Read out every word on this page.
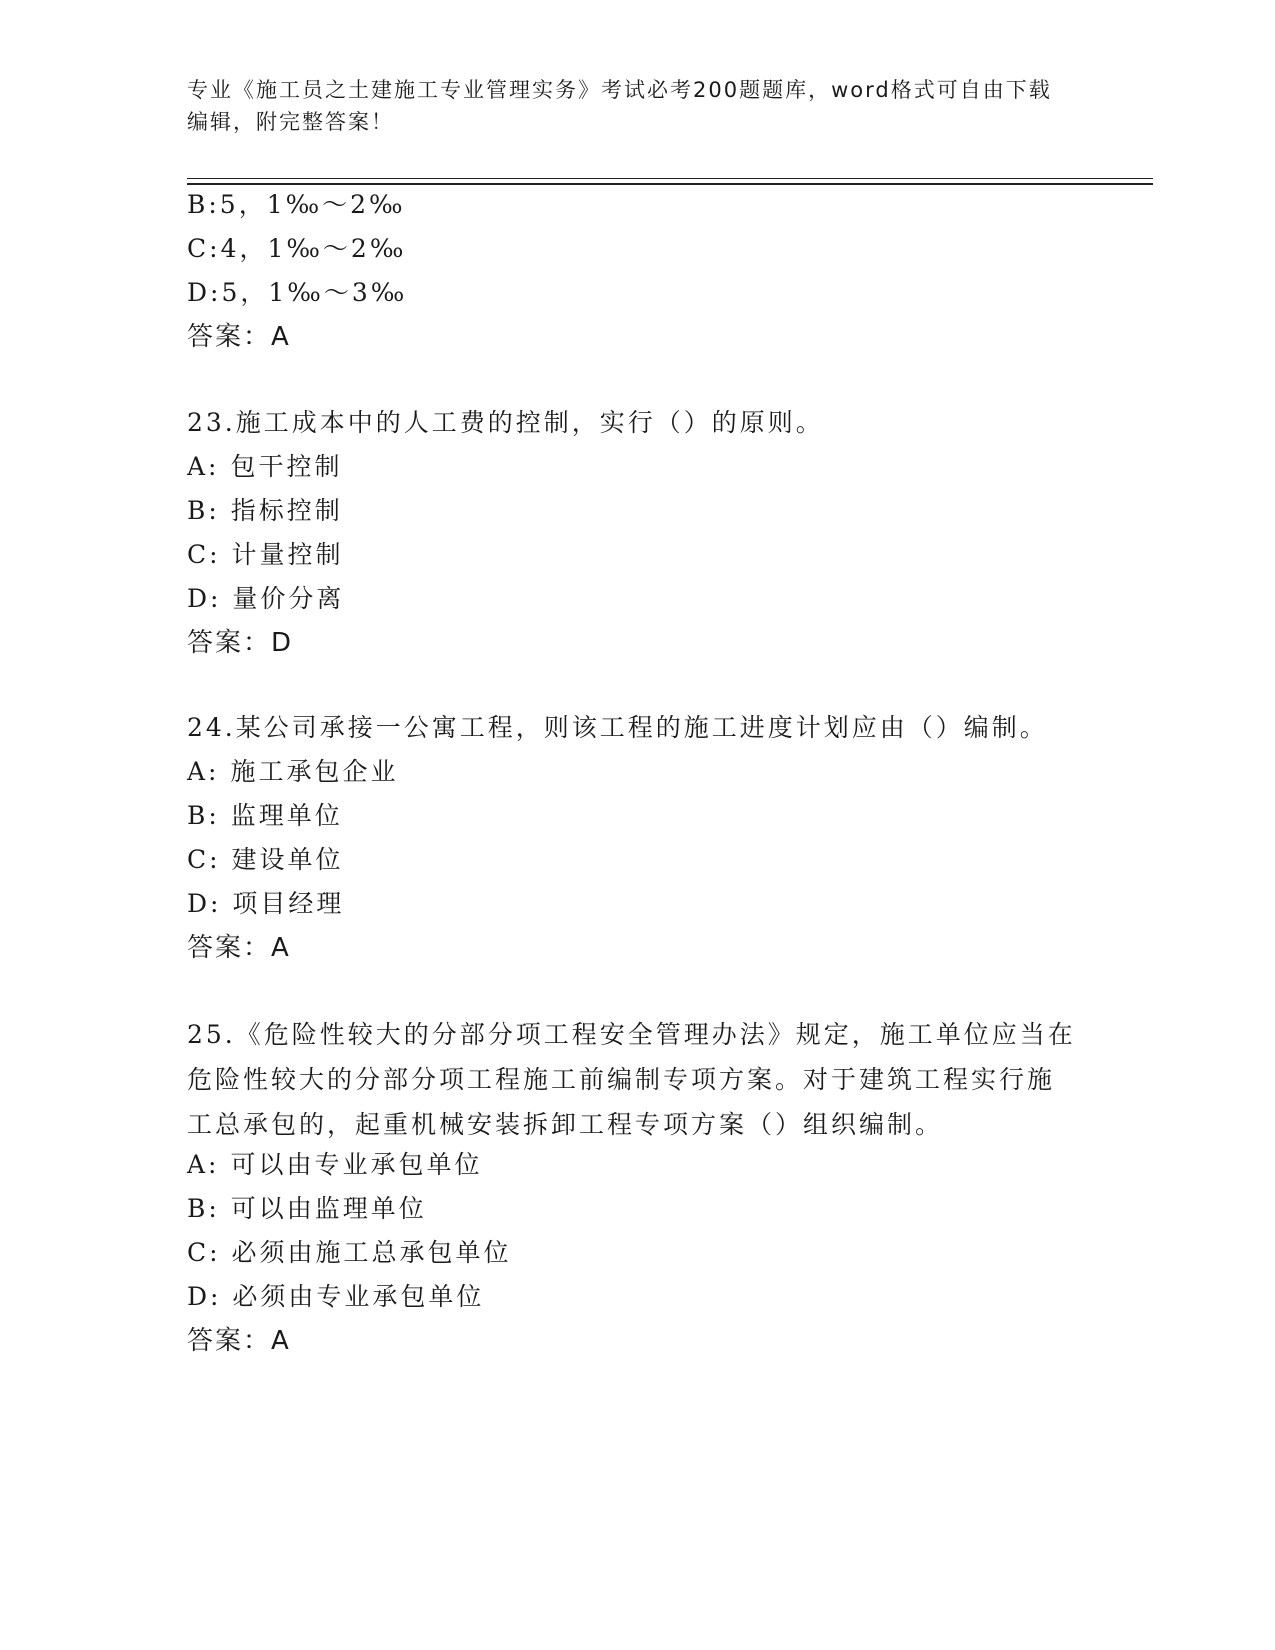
专业《施工员之土建施工专业管理实务》考试必考200题题库，word格式可自由下载编辑，附完整答案！
B:5，1‰～2‰
C:4，1‰～2‰
D:5，1‰～3‰
答案：A
23.施工成本中的人工费的控制，实行（）的原则。
A: 包干控制
B: 指标控制
C: 计量控制
D: 量价分离
答案：D
24.某公司承接一公寓工程，则该工程的施工进度计划应由（）编制。
A: 施工承包企业
B: 监理单位
C: 建设单位
D: 项目经理
答案：A
25.《危险性较大的分部分项工程安全管理办法》规定，施工单位应当在危险性较大的分部分项工程施工前编制专项方案。对于建筑工程实行施工总承包的，起重机械安装拆卸工程专项方案（）组织编制。
A: 可以由专业承包单位
B: 可以由监理单位
C: 必须由施工总承包单位
D: 必须由专业承包单位
答案：A
